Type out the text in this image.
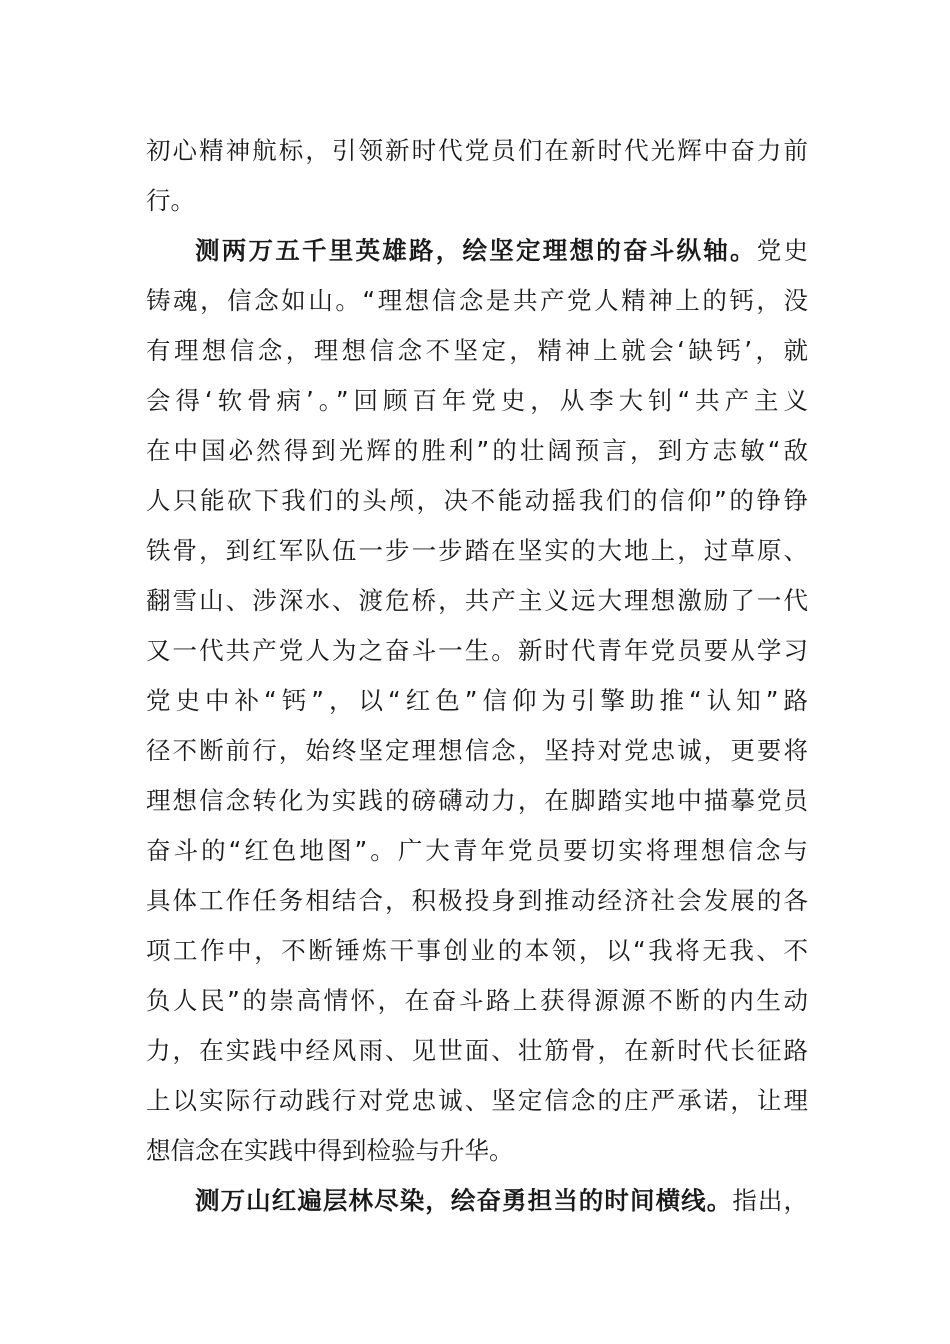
初心精神航标，引领新时代党员们在新时代光辉中奋力前
行。
测两万五千里英雄路，绘坚定理想的奋斗纵轴。党史
铸魂，信念如山。“理想信念是共产党人精神上的钙，没
有理想信念，理想信念不坚定，精神上就会‘缺钙’，就
会得‘软骨病’。”回顾百年党史，从李大钊“共产主义
在中国必然得到光辉的胜利”的壮阔预言，到方志敏“敌
人只能砍下我们的头颅，决不能动摇我们的信仰”的铮铮
铁骨，到红军队伍一步一步踏在坚实的大地上，过草原、
翻雪山、涉深水、渡危桥，共产主义远大理想激励了一代
又一代共产党人为之奋斗一生。新时代青年党员要从学习
党史中补“钙”，以“红色”信仰为引擎助推“认知”路
径不断前行，始终坚定理想信念，坚持对党忠诚，更要将
理想信念转化为实践的磅礴动力，在脚踏实地中描摹党员
奋斗的“红色地图”。广大青年党员要切实将理想信念与
具体工作任务相结合，积极投身到推动经济社会发展的各
项工作中，不断锤炼干事创业的本领，以“我将无我、不
负人民”的崇高情怀，在奋斗路上获得源源不断的内生动
力，在实践中经风雨、见世面、壮筋骨，在新时代长征路
上以实际行动践行对党忠诚、坚定信念的庄严承诺，让理
想信念在实践中得到检验与升华。
测万山红遍层林尽染，绘奋勇担当的时间横线。指出，
